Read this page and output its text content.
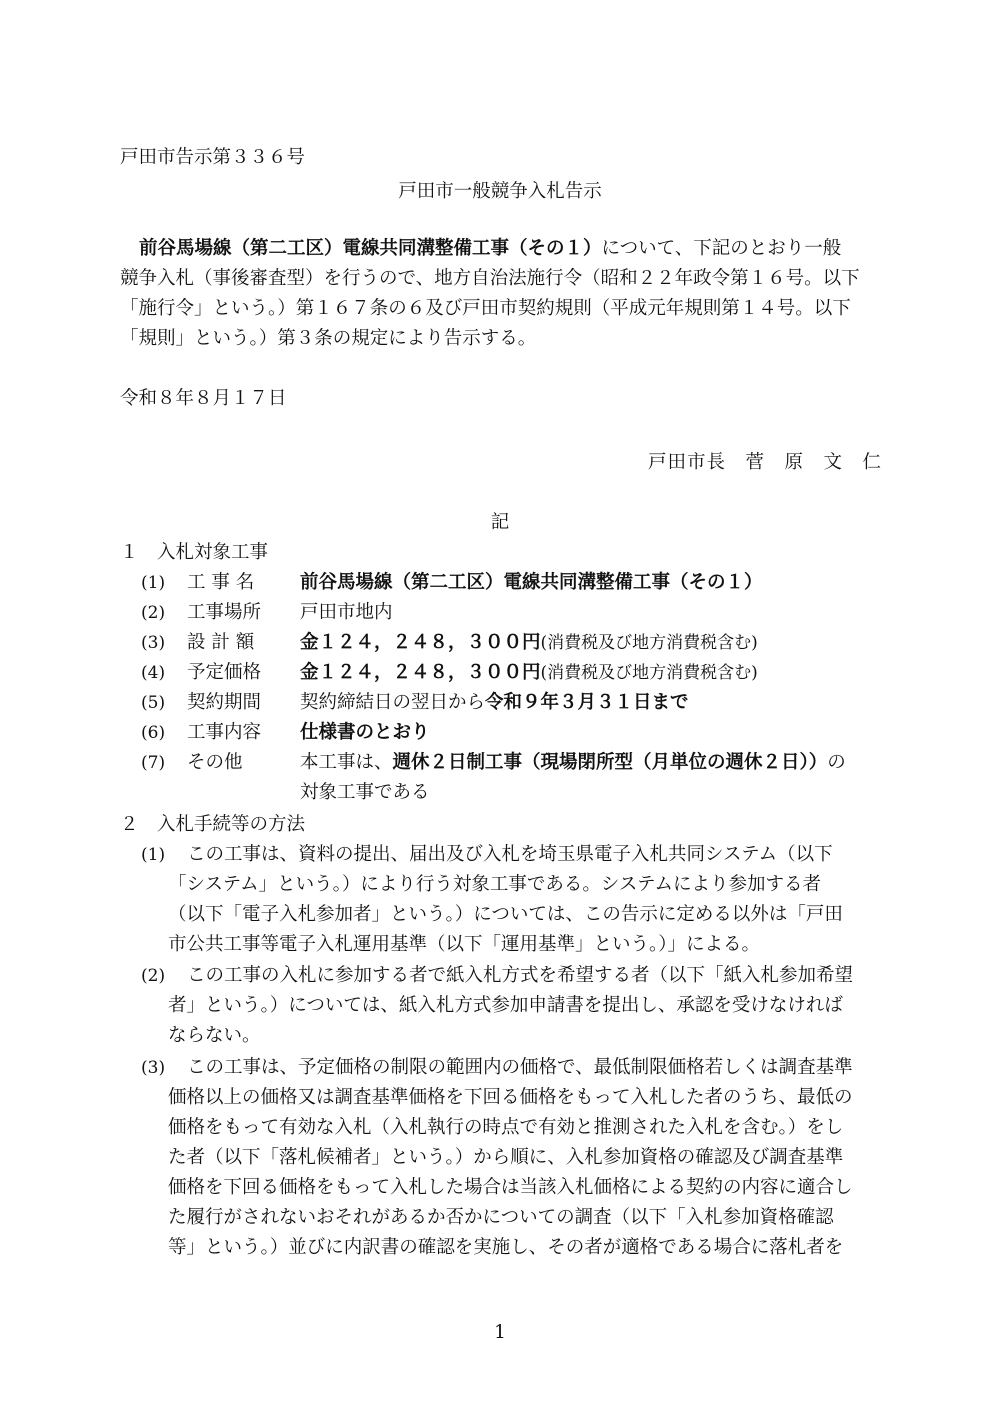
戸田市告示第３３６号
戸田市一般競争入札告示
前谷馬場線（第二工区）電線共同溝整備工事（その１）について、下記のとおり一般
競争入札（事後審査型）を行うので、地方自治法施行令（昭和２２年政令第１６号。以下
「施行令」という。）第１６７条の６及び戸田市契約規則（平成元年規則第１４号。以下
「規則」という。）第３条の規定により告示する。
令和８年８月１７日
戸田市長　菅　原　文　仁
記
１　入札対象工事
(1) 工 事 名 前谷馬場線（第二工区）電線共同溝整備工事（その１）
(2) 工事場所 戸田市地内
(3) 設 計 額 金１２４，２４８，３００円(消費税及び地方消費税含む)
(4) 予定価格 金１２４，２４８，３００円(消費税及び地方消費税含む)
(5) 契約期間 契約締結日の翌日から令和９年３月３１日まで
(6) 工事内容 仕様書のとおり
(7) その他	本工事は、週休２日制工事（現場閉所型（月単位の週休２日））の
対象工事である
２　入札手続等の方法
(1) この工事は、資料の提出、届出及び入札を埼玉県電子入札共同システム（以下
「システム」という。）により行う対象工事である。システムにより参加する者
（以下「電子入札参加者」という。）については、この告示に定める以外は「戸田
市公共工事等電子入札運用基準（以下「運用基準」という。）」による。
(2) この工事の入札に参加する者で紙入札方式を希望する者（以下「紙入札参加希望
者」という。）については、紙入札方式参加申請書を提出し、承認を受けなければ
ならない。
(3) この工事は、予定価格の制限の範囲内の価格で、最低制限価格若しくは調査基準
価格以上の価格又は調査基準価格を下回る価格をもって入札した者のうち、最低の
価格をもって有効な入札（入札執行の時点で有効と推測された入札を含む。）をし
た者（以下「落札候補者」という。）から順に、入札参加資格の確認及び調査基準
価格を下回る価格をもって入札した場合は当該入札価格による契約の内容に適合し
た履行がされないおそれがあるか否かについての調査（以下「入札参加資格確認
等」という。）並びに内訳書の確認を実施し、その者が適格である場合に落札者を
1
